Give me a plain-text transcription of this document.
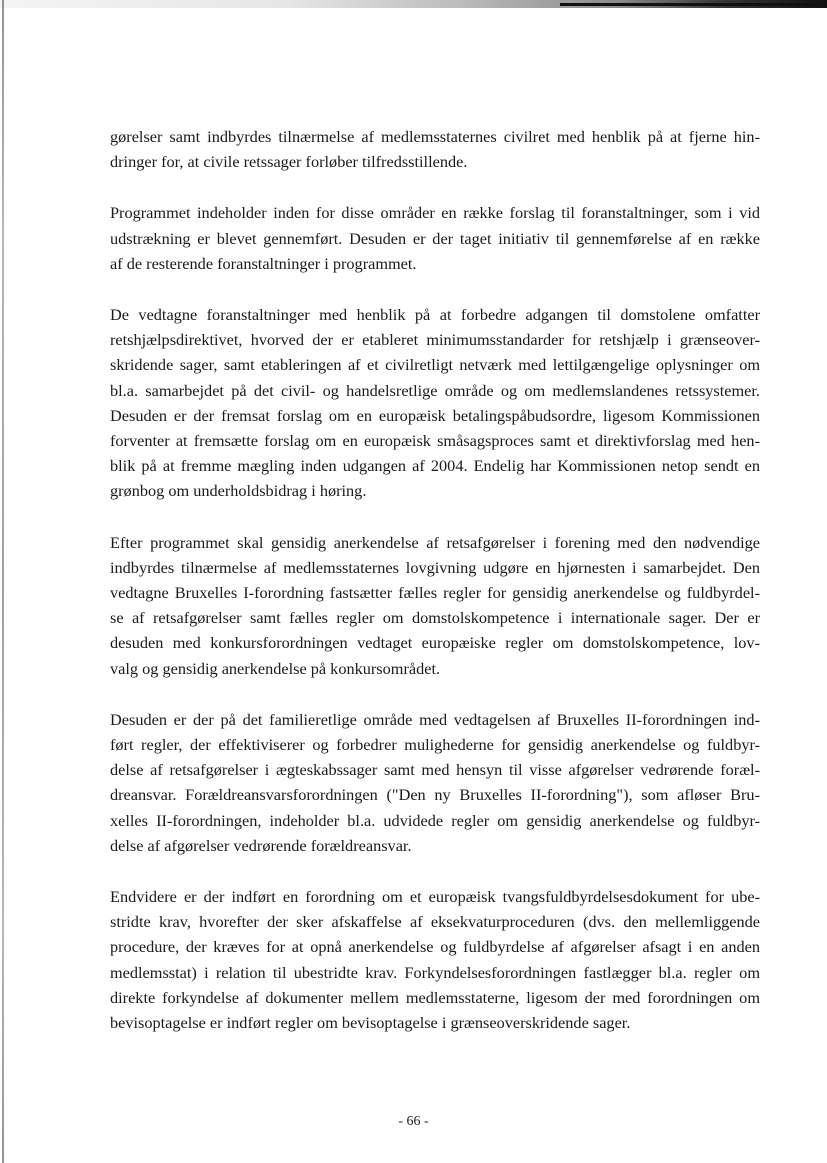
gørelser samt indbyrdes tilnærmelse af medlemsstaternes civilret med henblik på at fjerne hin-
dringer for, at civile retssager forløber tilfredsstillende.
Programmet indeholder inden for disse områder en række forslag til foranstaltninger, som i vid
udstrækning er blevet gennemført. Desuden er der taget initiativ til gennemførelse af en række
af de resterende foranstaltninger i programmet.
De vedtagne foranstaltninger med henblik på at forbedre adgangen til domstolene omfatter
retshjælpsdirektivet, hvorved der er etableret minimumsstandarder for retshjælp i grænseover-
skridende sager, samt etableringen af et civilretligt netværk med lettilgængelige oplysninger om
bl.a. samarbejdet på det civil- og handelsretlige område og om medlemslandenes retssystemer.
Desuden er der fremsat forslag om en europæisk betalingspåbudsordre, ligesom Kommissionen
forventer at fremsætte forslag om en europæisk småsagsproces samt et direktivforslag med hen-
blik på at fremme mægling inden udgangen af 2004. Endelig har Kommissionen netop sendt en
grønbog om underholdsbidrag i høring.
Efter programmet skal gensidig anerkendelse af retsafgørelser i forening med den nødvendige
indbyrdes tilnærmelse af medlemsstaternes lovgivning udgøre en hjørnesten i samarbejdet. Den
vedtagne Bruxelles I-forordning fastsætter fælles regler for gensidig anerkendelse og fuldbyrdel-
se af retsafgørelser samt fælles regler om domstolskompetence i internationale sager. Der er
desuden med konkursforordningen vedtaget europæiske regler om domstolskompetence, lov-
valg og gensidig anerkendelse på konkursområdet.
Desuden er der på det familieretlige område med vedtagelsen af Bruxelles II-forordningen ind-
ført regler, der effektiviserer og forbedrer mulighederne for gensidig anerkendelse og fuldbyr-
delse af retsafgørelser i ægteskabssager samt med hensyn til visse afgørelser vedrørende foræl-
dreansvar. Forældreansvarsforordningen ("Den ny Bruxelles II-forordning"), som afløser Bru-
xelles II-forordningen, indeholder bl.a. udvidede regler om gensidig anerkendelse og fuldbyr-
delse af afgørelser vedrørende forældreansvar.
Endvidere er der indført en forordning om et europæisk tvangsfuldbyrdelsesdokument for ube-
stridte krav, hvorefter der sker afskaffelse af eksekvaturproceduren (dvs. den mellemliggende
procedure, der kræves for at opnå anerkendelse og fuldbyrdelse af afgørelser afsagt i en anden
medlemsstat) i relation til ubestridte krav. Forkyndelsesforordningen fastlægger bl.a. regler om
direkte forkyndelse af dokumenter mellem medlemsstaterne, ligesom der med forordningen om
bevisoptagelse er indført regler om bevisoptagelse i grænseoverskridende sager.
- 66 -
